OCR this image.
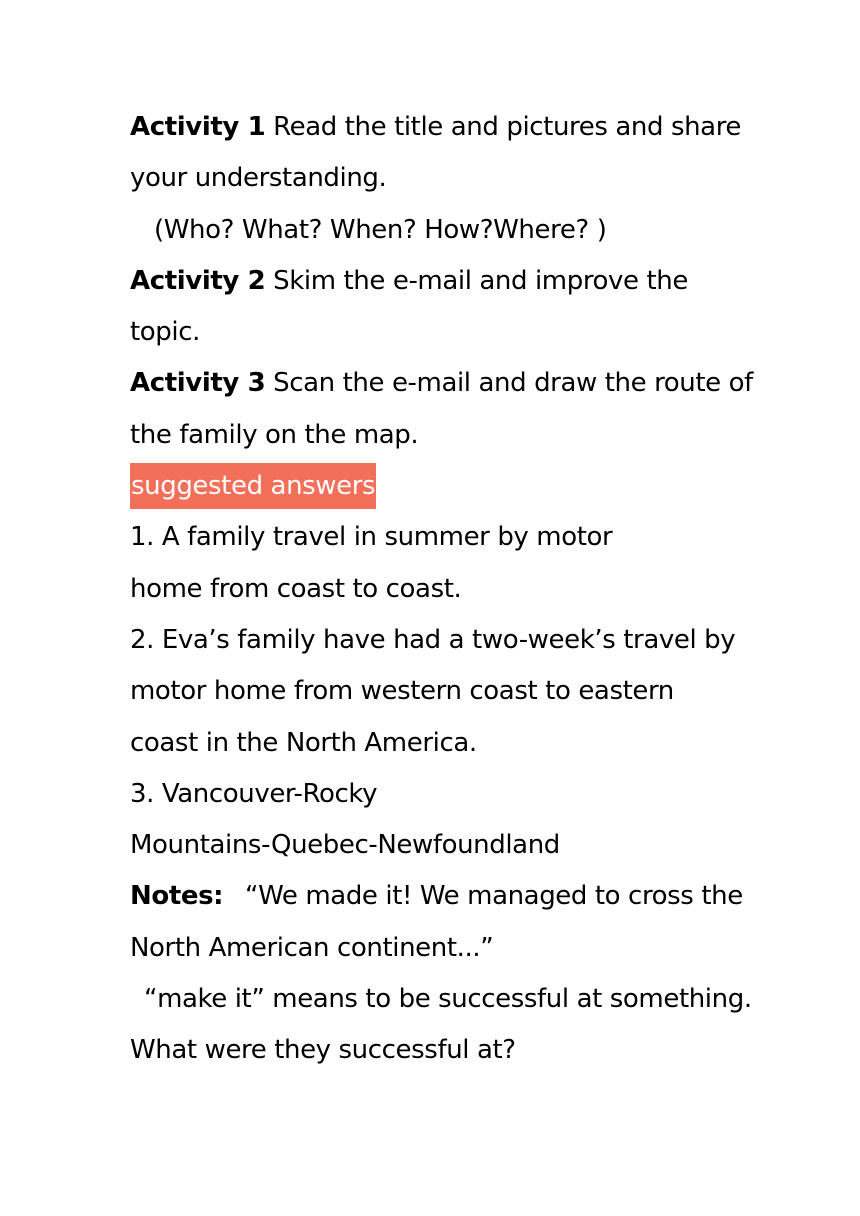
Activity 1 Read the title and pictures and share
your understanding.
(Who? What? When? How?Where? )
Activity 2 Skim the e-mail and improve the
topic.
Activity 3 Scan the e-mail and draw the route of
the family on the map.
suggested answers
1. A family travel in summer by motor
home from coast to coast.
2. Eva’s family have had a two-week’s travel by
motor home from western coast to eastern
coast in the North America.
3. Vancouver-Rocky
Mountains-Quebec-Newfoundland
Notes: “We made it! We managed to cross the
North American continent...”
“make it” means to be successful at something.
What were they successful at?
